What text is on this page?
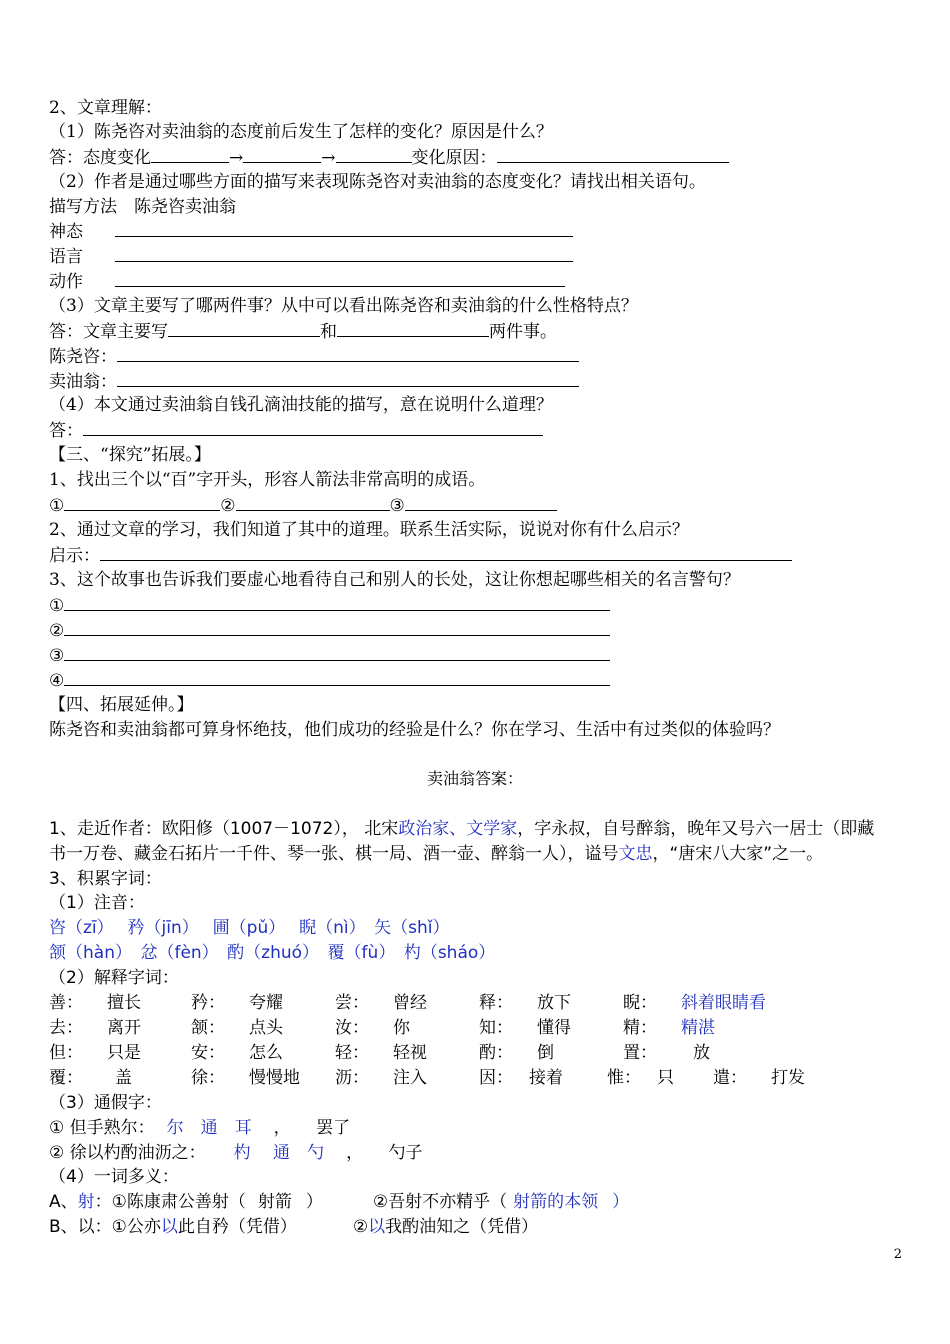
2、文章理解：
（1）陈尧咨对卖油翁的态度前后发生了怎样的变化？原因是什么？
答：态度变化	→	→	变化原因：
（2）作者是通过哪些方面的描写来表现陈尧咨对卖油翁的态度变化？请找出相关语句。
描写方法　陈尧咨卖油翁
神态
语言
动作
（3）文章主要写了哪两件事？从中可以看出陈尧咨和卖油翁的什么性格特点？
答：文章主要写	和	两件事。
陈尧咨：
卖油翁：
（4）本文通过卖油翁自钱孔滴油技能的描写，意在说明什么道理？
答：
【三、“探究”拓展。】
1、找出三个以“百”字开头，形容人箭法非常高明的成语。
①	②	③
2、通过文章的学习，我们知道了其中的道理。联系生活实际，说说对你有什么启示？
启示：
3、这个故事也告诉我们要虚心地看待自己和别人的长处，这让你想起哪些相关的名言警句？
①
②
③
④
【四、拓展延伸。】
陈尧咨和卖油翁都可算身怀绝技，他们成功的经验是什么？你在学习、生活中有过类似的体验吗？
卖油翁答案：
1、走近作者：欧阳修（1007－1072）， 北宋政治家、文学家，字永叔，自号醉翁，晚年又号六一居士（即藏
书一万卷、藏金石拓片一千件、琴一张、棋一局、酒一壶、醉翁一人），谥号文忠，“唐宋八大家”之一。
3、积累字词：
（1）注音：
咨（zī）　 矜（jīn）　 圃（pǔ）　 睨（nì）　矢（shǐ）
颔（hàn）　忿（fèn）　酌（zhuó）　覆（fù）　杓（sháo）
（2）解释字词：
善： 擅长	矜： 夸耀	尝： 曾经	释： 放下	睨： 斜着眼睛看
去： 离开	颔： 点头	汝： 你	知： 懂得	精： 精湛
但： 只是	安： 怎么	轻： 轻视	酌： 倒	置： 放
覆： 盖	徐： 慢慢地 沥： 注入	因： 接着	惟： 只 遣： 打发
（3）通假字：
① 但手熟尔： 尔　通　耳 ，　　罢了
② 徐以杓酌油沥之： 杓　 通　勺 ，　　勺子
（4）一词多义：
A、射：①陈康肃公善射（ 射箭 ）	②吾射不亦精乎（ 射箭的本领 ）
B、以：①公亦以此自矜（凭借）	②以我酌油知之（凭借）
2
